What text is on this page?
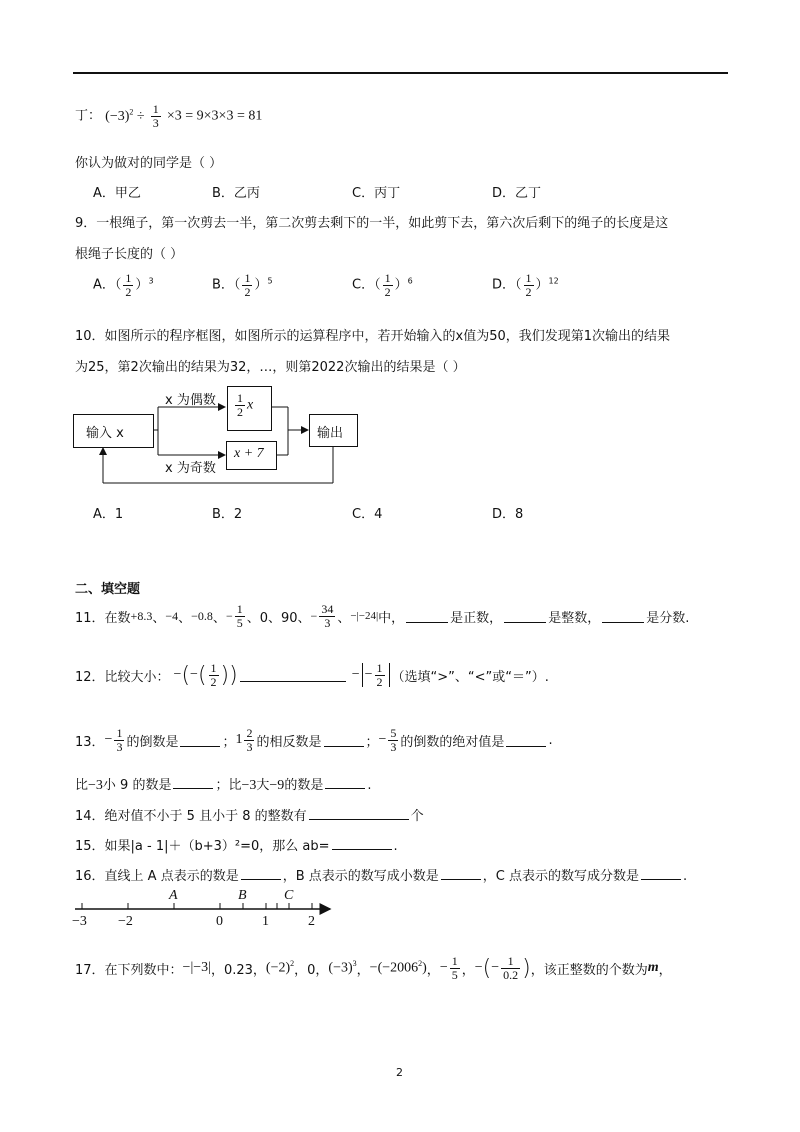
丁： $(-3)^2 \div \frac{1}{3} \times 3 = 9\times 3\times 3 = 81$
你认为做对的同学是（ ）
A．甲乙	B．乙丙	C．丙丁	D．乙丁
9．一根绳子，第一次剪去一半，第二次剪去剩下的一半，如此剪下去，第六次后剩下的绳子的长度是这
根绳子长度的（ ）
A．（ $\frac{1}{2} )^3$	B．（ $\frac{1}{2} )^5$	C．（ $\frac{1}{2} )^6$	D．（ $\frac{1}{2} )^{12}$
10．如图所示的程序框图，如图所示的运算程序中，若开始输入的x值为50，我们发现第1次输出的结果
为25，第2次输出的结果为32，…，则第2022次输出的结果是（ ）
输入 x
x 为偶数
x 为奇数
$\frac{1}{2}$ x
x + 7
输出
A．1	B．2	C．4	D．8
二、填空题
11．在数 +8.3 、 −4 、 −0.8 、 − $\frac{1}{5}$ 、0、90、 − $\frac{34}{3}$ 、 −|−24| 中，	是正数，	是整数，	是分数.
12．比较大小： − ( − ( $\frac{1}{2}$ ) )	− − $\frac{1}{2}$ （选填“>”、“<”或“＝”）.
13． − $\frac{1}{3}$ 的倒数是	； $1 \frac{2}{3}$ 的相反数是	； − $\frac{5}{3}$ 的倒数的绝对值是	.
比−3小 9 的数是	；比−3大−9的数是	.
14．绝对值不小于 5 且小于 8 的整数有	个
15．如果|a - 1|＋（b+3）²=0，那么 ab=	.
16．直线上 A 点表示的数是	，B 点表示的数写成小数是	，C 点表示的数写成分数是	.
−3 −2	0	1	2
A	B	C
17．在下列数中： −|−3| ，0.23， $(-2)^2$ ，0， $(-3)^3$ ， $-(-2006^2)$ ， − $\frac{1}{5}$ ， − ( − $\frac{1}{0.2}$ ) ，该正整数的个数为 m ，
2
